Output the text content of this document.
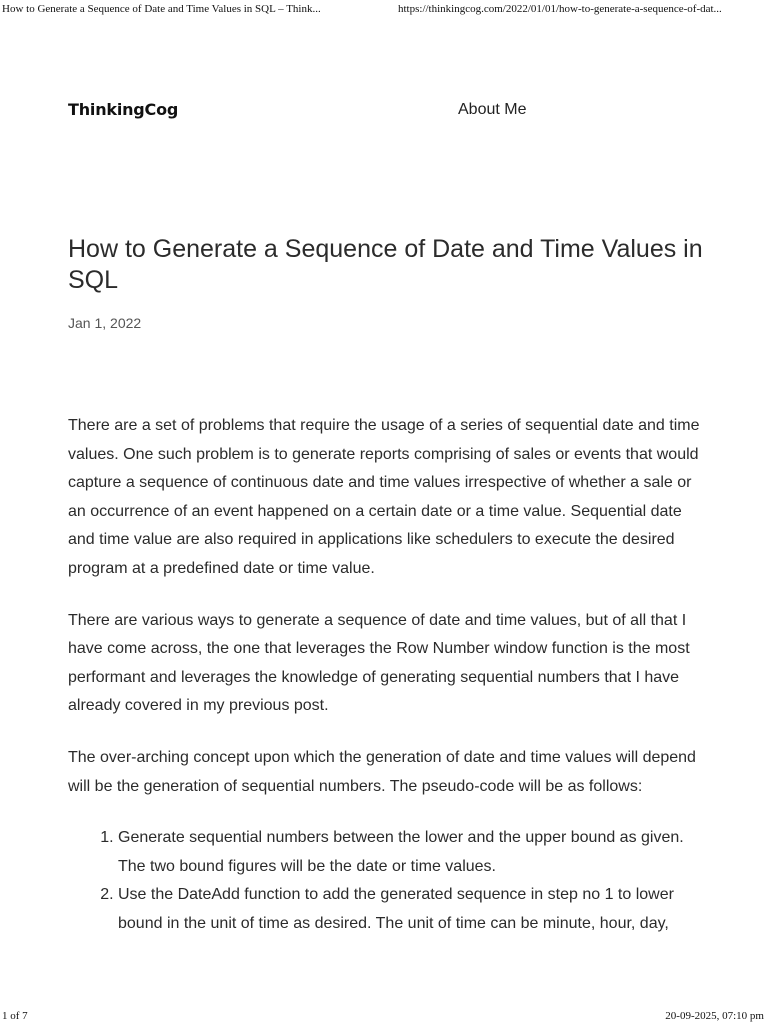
How to Generate a Sequence of Date and Time Values in SQL – Think...	https://thinkingcog.com/2022/01/01/how-to-generate-a-sequence-of-dat...
ThinkingCog	About Me
How to Generate a Sequence of Date and Time Values in SQL
Jan 1, 2022

There are a set of problems that require the usage of a series of sequential date and time values. One such problem is to generate reports comprising of sales or events that would capture a sequence of continuous date and time values irrespective of whether a sale or an occurrence of an event happened on a certain date or a time value. Sequential date and time value are also required in applications like schedulers to execute the desired program at a predefined date or time value.

There are various ways to generate a sequence of date and time values, but of all that I have come across, the one that leverages the Row Number window function is the most performant and leverages the knowledge of generating sequential numbers that I have already covered in my previous post.

The over-arching concept upon which the generation of date and time values will depend will be the generation of sequential numbers. The pseudo-code will be as follows:

1. Generate sequential numbers between the lower and the upper bound as given. The two bound figures will be the date or time values.
2. Use the DateAdd function to add the generated sequence in step no 1 to lower bound in the unit of time as desired. The unit of time can be minute, hour, day,
1 of 7	20-09-2025, 07:10 pm
